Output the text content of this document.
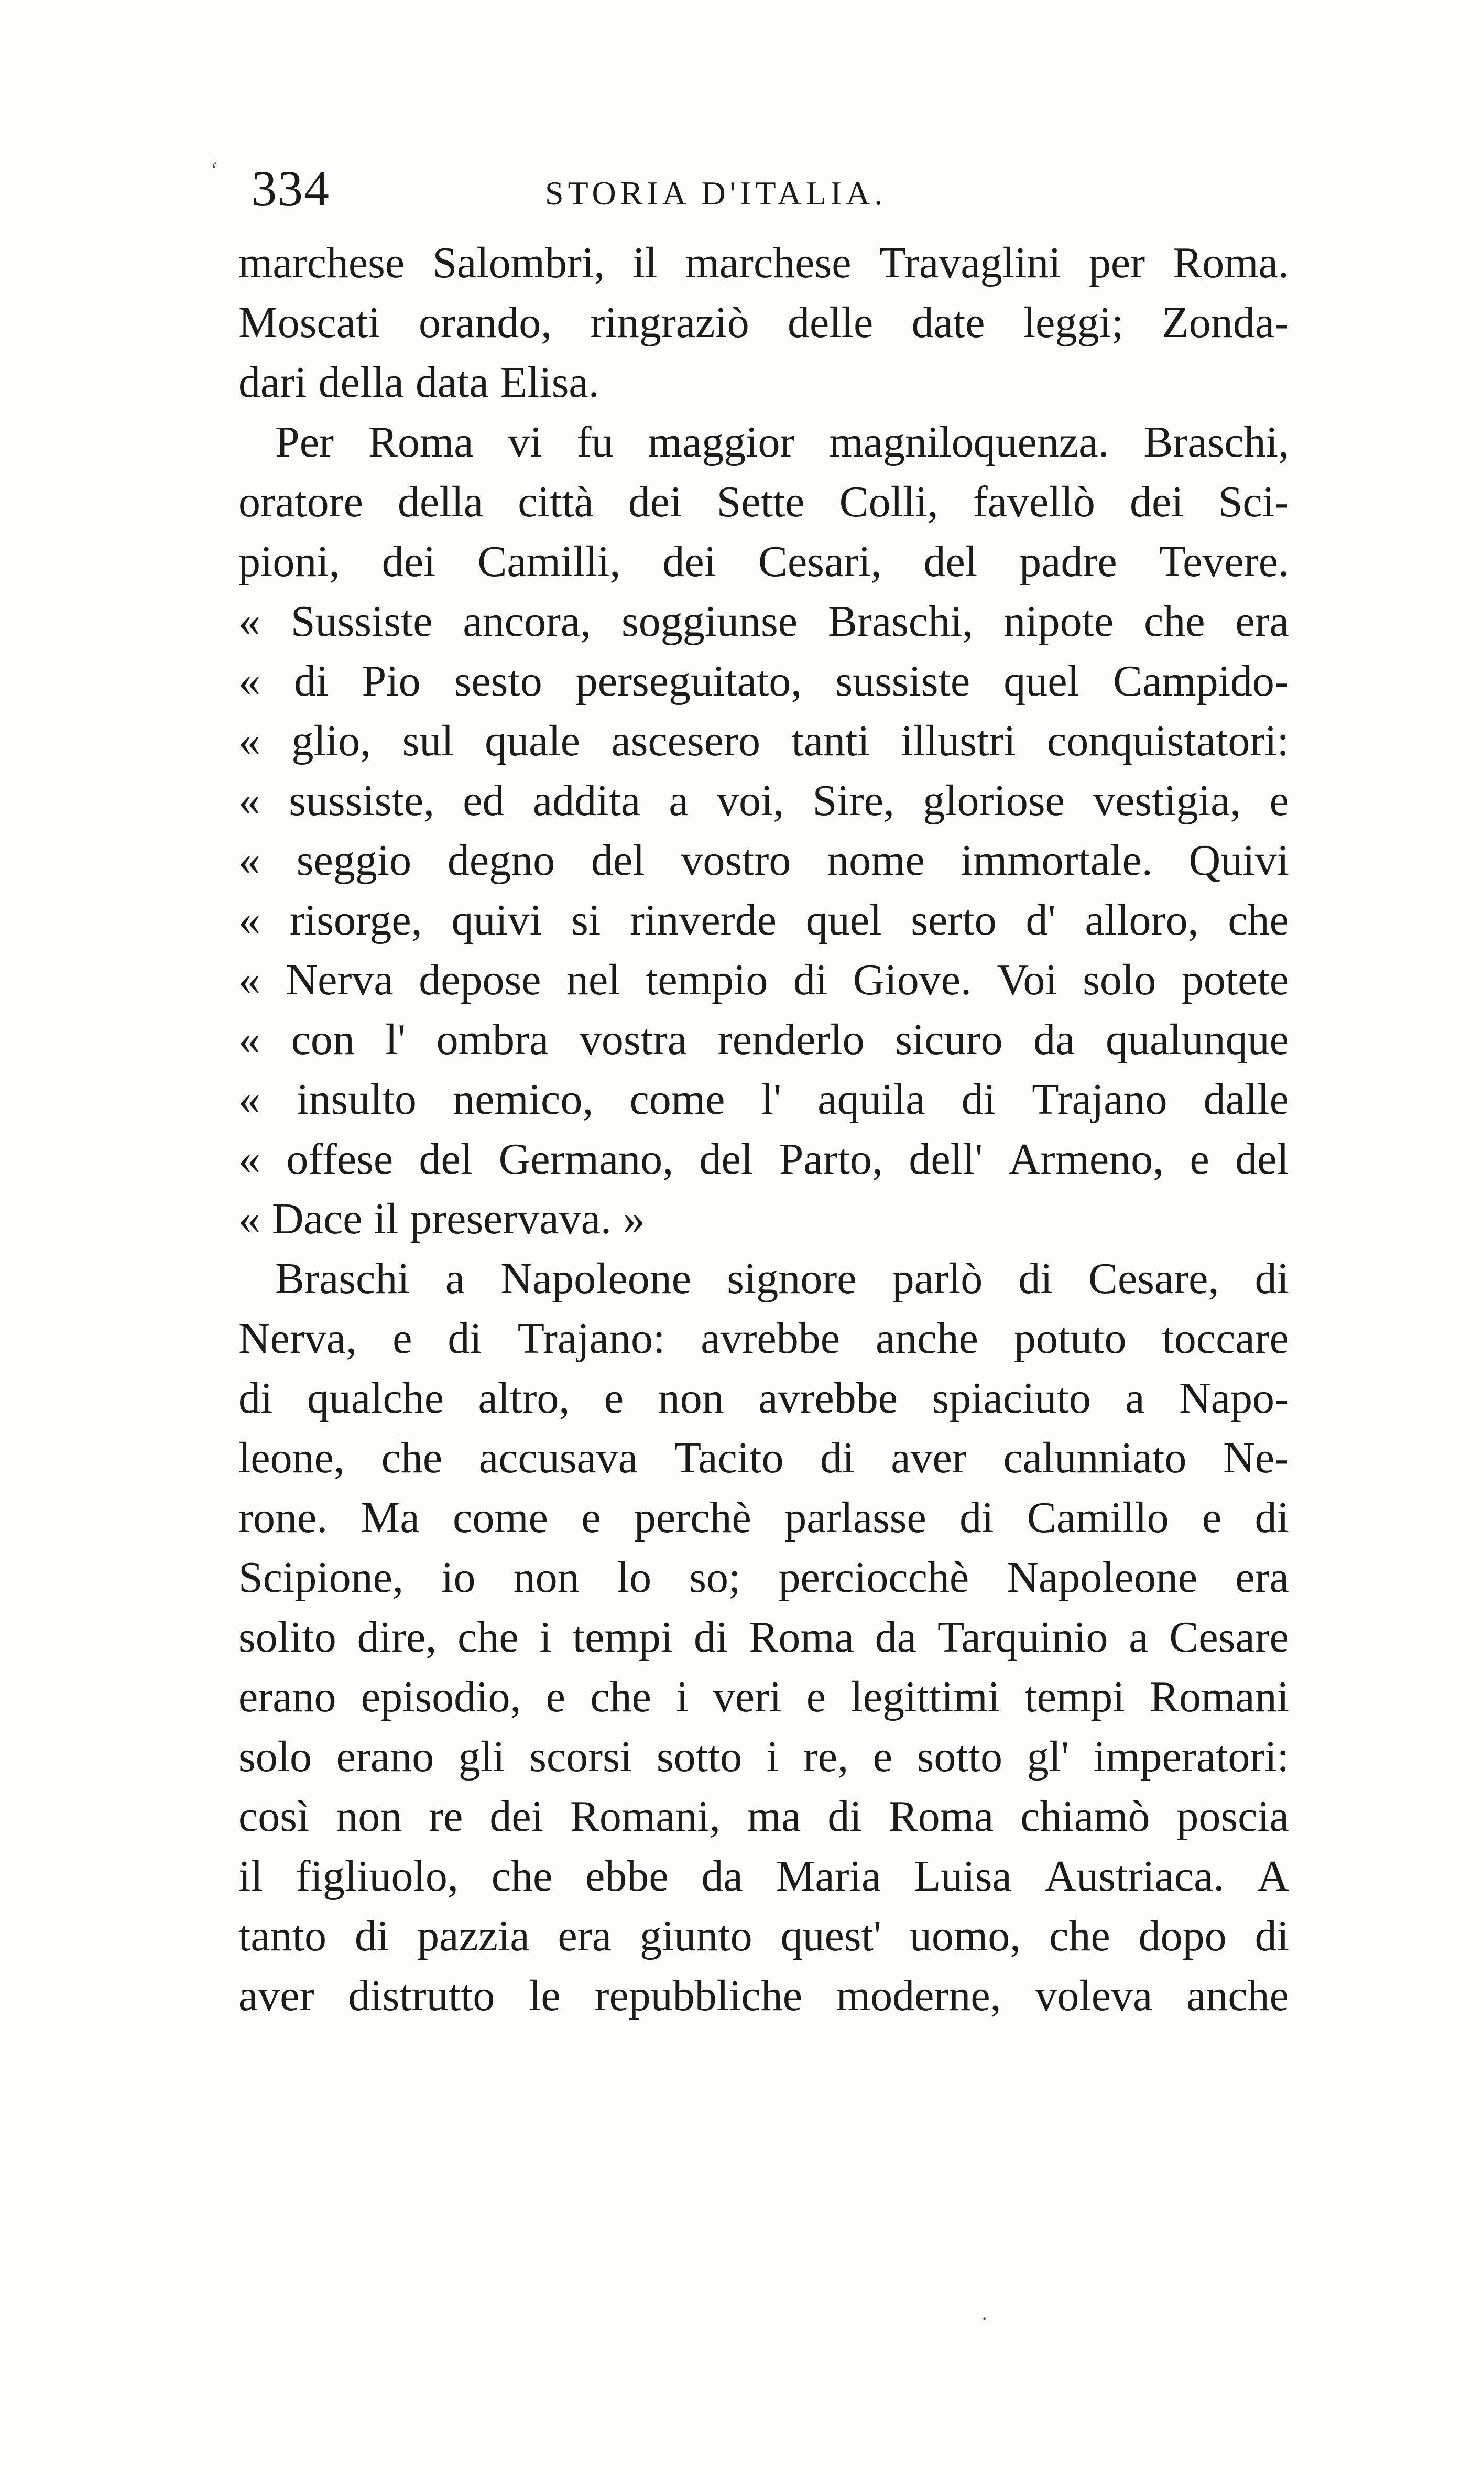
334	STORIA D'ITALIA.
marchese Salombri, il marchese Travaglini per Roma.
Moscati orando, ringraziò delle date leggi; Zonda-
dari della data Elisa.
Per Roma vi fu maggior magniloquenza. Braschi,
oratore della città dei Sette Colli, favellò dei Sci-
pioni, dei Camilli, dei Cesari, del padre Tevere.
« Sussiste ancora, soggiunse Braschi, nipote che era
« di Pio sesto perseguitato, sussiste quel Campido-
« glio, sul quale ascesero tanti illustri conquistatori:
« sussiste, ed addita a voi, Sire, gloriose vestigia, e
« seggio degno del vostro nome immortale. Quivi
« risorge, quivi si rinverde quel serto d' alloro, che
« Nerva depose nel tempio di Giove. Voi solo potete
« con l' ombra vostra renderlo sicuro da qualunque
« insulto nemico, come l' aquila di Trajano dalle
« offese del Germano, del Parto, dell' Armeno, e del
« Dace il preservava. »
Braschi a Napoleone signore parlò di Cesare, di
Nerva, e di Trajano: avrebbe anche potuto toccare
di qualche altro, e non avrebbe spiaciuto a Napo-
leone, che accusava Tacito di aver calunniato Ne-
rone. Ma come e perchè parlasse di Camillo e di
Scipione, io non lo so; perciocchè Napoleone era
solito dire, che i tempi di Roma da Tarquinio a Cesare
erano episodio, e che i veri e legittimi tempi Romani
solo erano gli scorsi sotto i re, e sotto gl' imperatori:
così non re dei Romani, ma di Roma chiamò poscia
il figliuolo, che ebbe da Maria Luisa Austriaca. A
tanto di pazzia era giunto quest' uomo, che dopo di
aver distrutto le repubbliche moderne, voleva anche
‘
·
